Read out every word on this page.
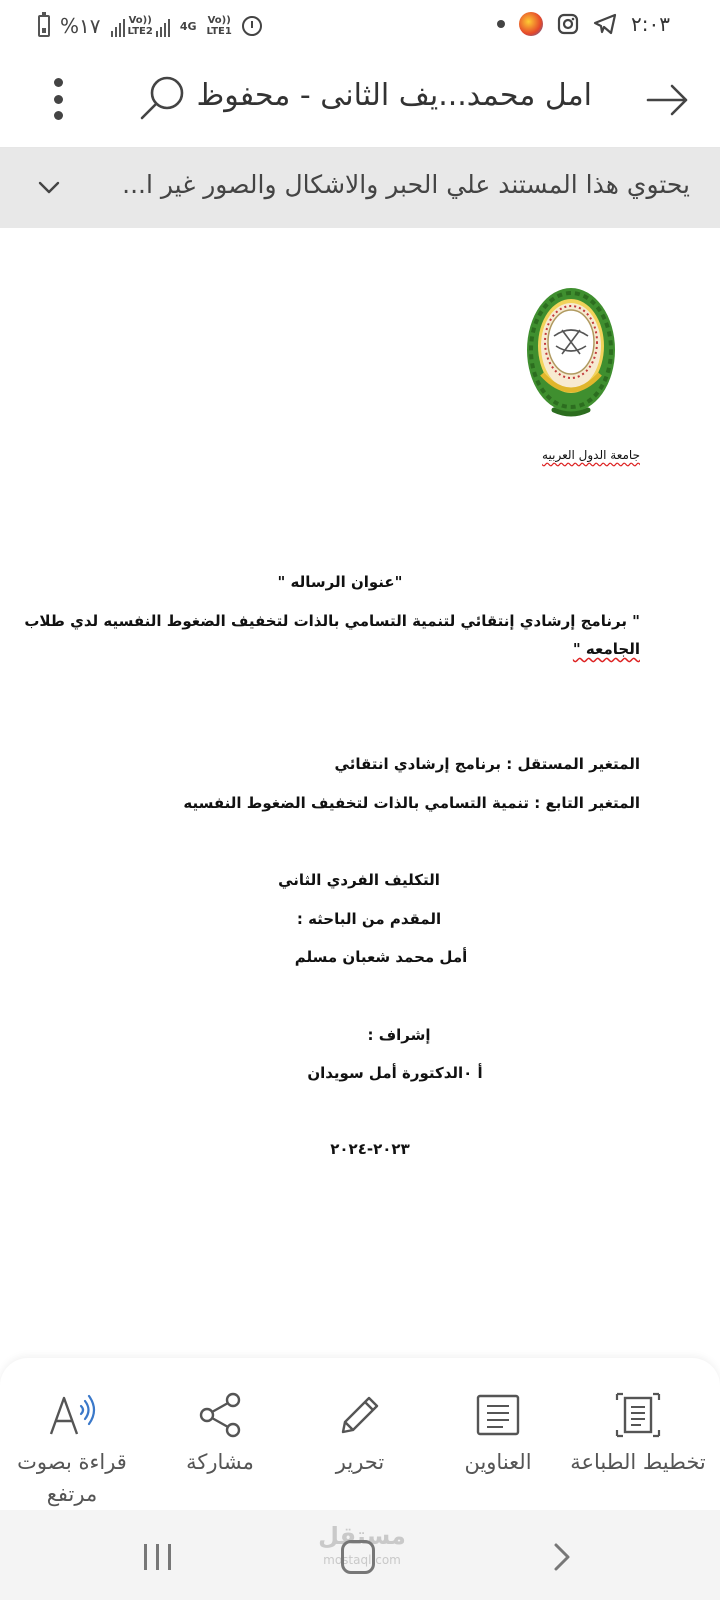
%١٧	Vo))
LTE2 4G Vo))
LTE1	٢:٠٣
امل محمد...يف الثانى - محفوظ
يحتوي هذا المستند علي الحبر والاشكال والصور غير ا...
جامعة الدول العربيه
"عنوان الرساله "
" برنامج إرشادي إنتقائي لتنمية التسامي بالذات لتخفيف الضغوط النفسيه لدي طلاب
الجامعه "
المتغير المستقل : برنامج إرشادي انتقائي
المتغير التابع : تنمية التسامي بالذات لتخفيف الضغوط النفسيه
التكليف الفردي الثاني
المقدم من الباحثه :
أمل محمد شعبان مسلم
إشراف :
أ ٠الدكتورة أمل سويدان
٢٠٢٣-٢٠٢٤
قراءة بصوت مرتفع
مشاركة	تحرير	العناوين	تخطيط الطباعة
مستقل
mostaql.com
